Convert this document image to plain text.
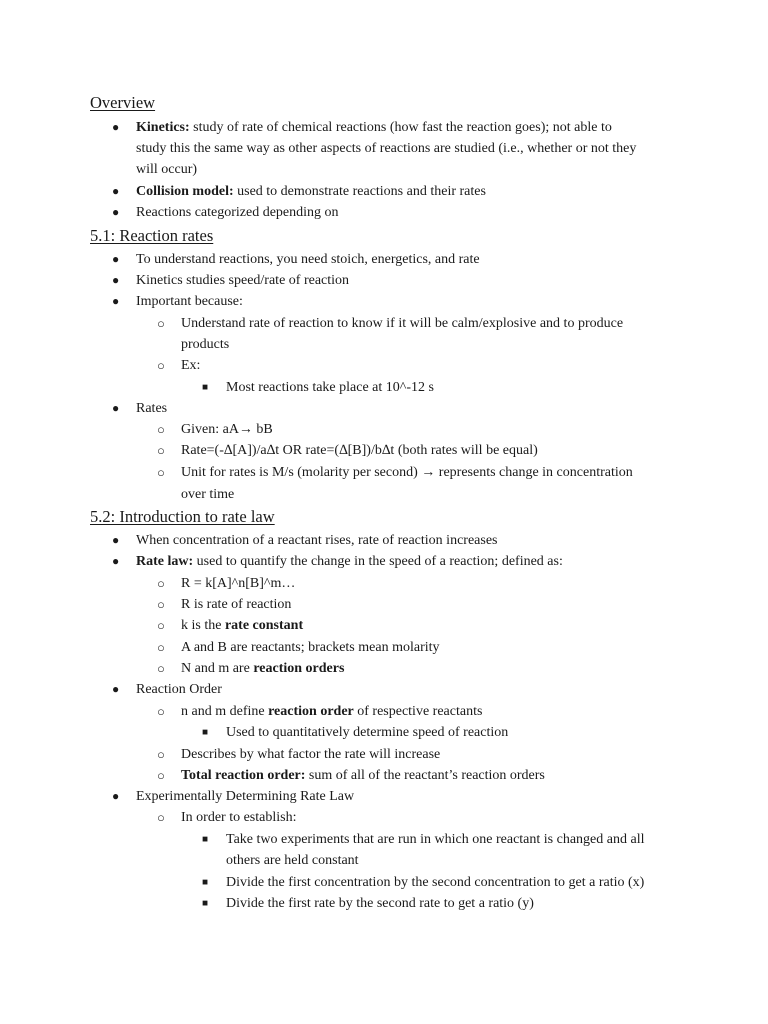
Overview
● Kinetics: study of rate of chemical reactions (how fast the reaction goes); not able to
study this the same way as other aspects of reactions are studied (i.e., whether or not they
will occur)
● Collision model: used to demonstrate reactions and their rates
● Reactions categorized depending on
5.1: Reaction rates
● To understand reactions, you need stoich, energetics, and rate
● Kinetics studies speed/rate of reaction
● Important because:
○ Understand rate of reaction to know if it will be calm/explosive and to produce
products
○ Ex:
■ Most reactions take place at 10^-12 s
● Rates
○ Given: aA→ bB
○ Rate=(-∆[A])/a∆t OR rate=(∆[B])/b∆t (both rates will be equal)
○ Unit for rates is M/s (molarity per second) → represents change in concentration
over time
5.2: Introduction to rate law
● When concentration of a reactant rises, rate of reaction increases
● Rate law: used to quantify the change in the speed of a reaction; defined as:
○ R = k[A]^n[B]^m…
○ R is rate of reaction
○ k is the rate constant
○ A and B are reactants; brackets mean molarity
○ N and m are reaction orders
● Reaction Order
○ n and m define reaction order of respective reactants
■ Used to quantitatively determine speed of reaction
○ Describes by what factor the rate will increase
○ Total reaction order: sum of all of the reactant’s reaction orders
● Experimentally Determining Rate Law
○ In order to establish:
■ Take two experiments that are run in which one reactant is changed and all
others are held constant
■ Divide the first concentration by the second concentration to get a ratio (x)
■ Divide the first rate by the second rate to get a ratio (y)
